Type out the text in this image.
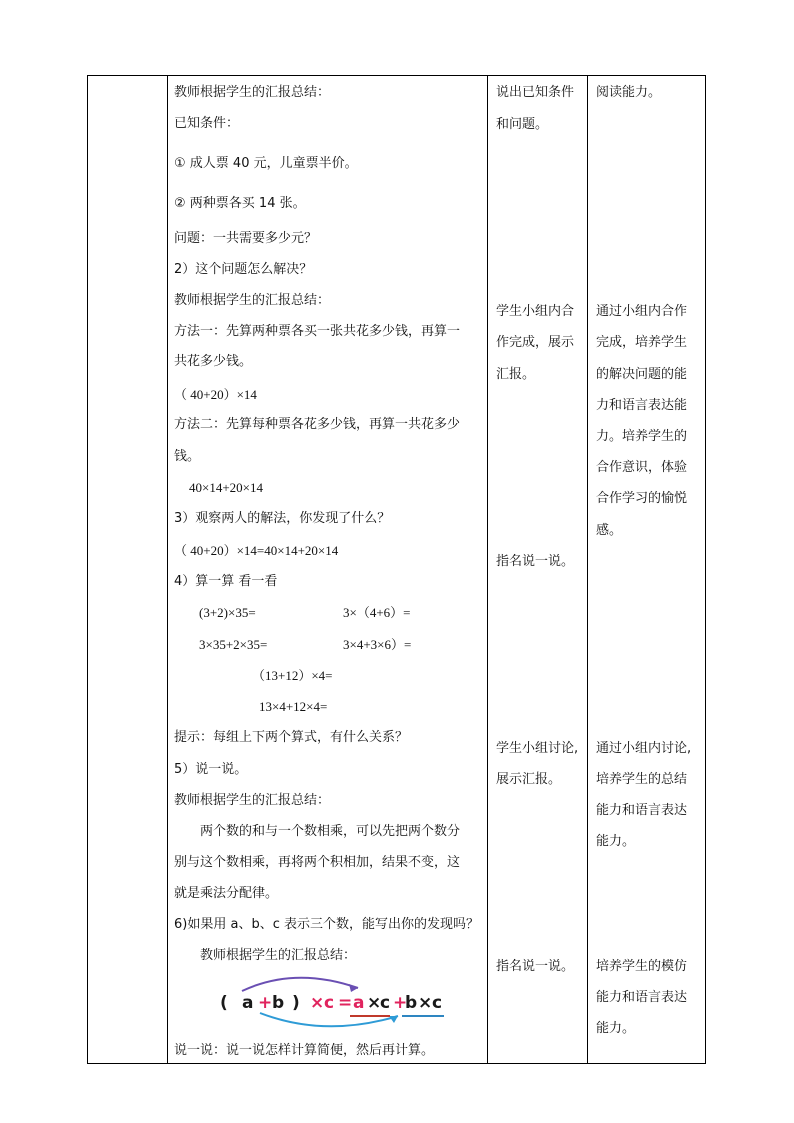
教师根据学生的汇报总结：
已知条件：
① 成人票 40 元，儿童票半价。
② 两种票各买 14 张。
问题：一共需要多少元？
2）这个问题怎么解决？
教师根据学生的汇报总结：
方法一：先算两种票各买一张共花多少钱，再算一
共花多少钱。
（ 40+20）×14
方法二：先算每种票各花多少钱，再算一共花多少
钱。
40×14+20×14
3）观察两人的解法，你发现了什么？
（ 40+20）×14=40×14+20×14
4）算一算 看一看
(3+2)×35=	3×（4+6）=
3×35+2×35=	3×4+3×6）=
（13+12）×4=
13×4+12×4=
提示：每组上下两个算式，有什么关系？
5）说一说。
教师根据学生的汇报总结：
两个数的和与一个数相乘，可以先把两个数分
别与这个数相乘，再将两个积相加，结果不变，这
就是乘法分配律。
6)如果用 a、b、c 表示三个数，能写出你的发现吗？
教师根据学生的汇报总结：
说一说：说一说怎样计算简便，然后再计算。
( a + b ) × c = a ×
c +
b × c
说出已知条件
和问题。
学生小组内合
作完成，展示
汇报。
指名说一说。
学生小组讨论,
展示汇报。
指名说一说。
阅读能力。
通过小组内合作
完成，培养学生
的解决问题的能
力和语言表达能
力。培养学生的
合作意识，体验
合作学习的愉悦
感。
通过小组内讨论,
培养学生的总结
能力和语言表达
能力。
培养学生的模仿
能力和语言表达
能力。
